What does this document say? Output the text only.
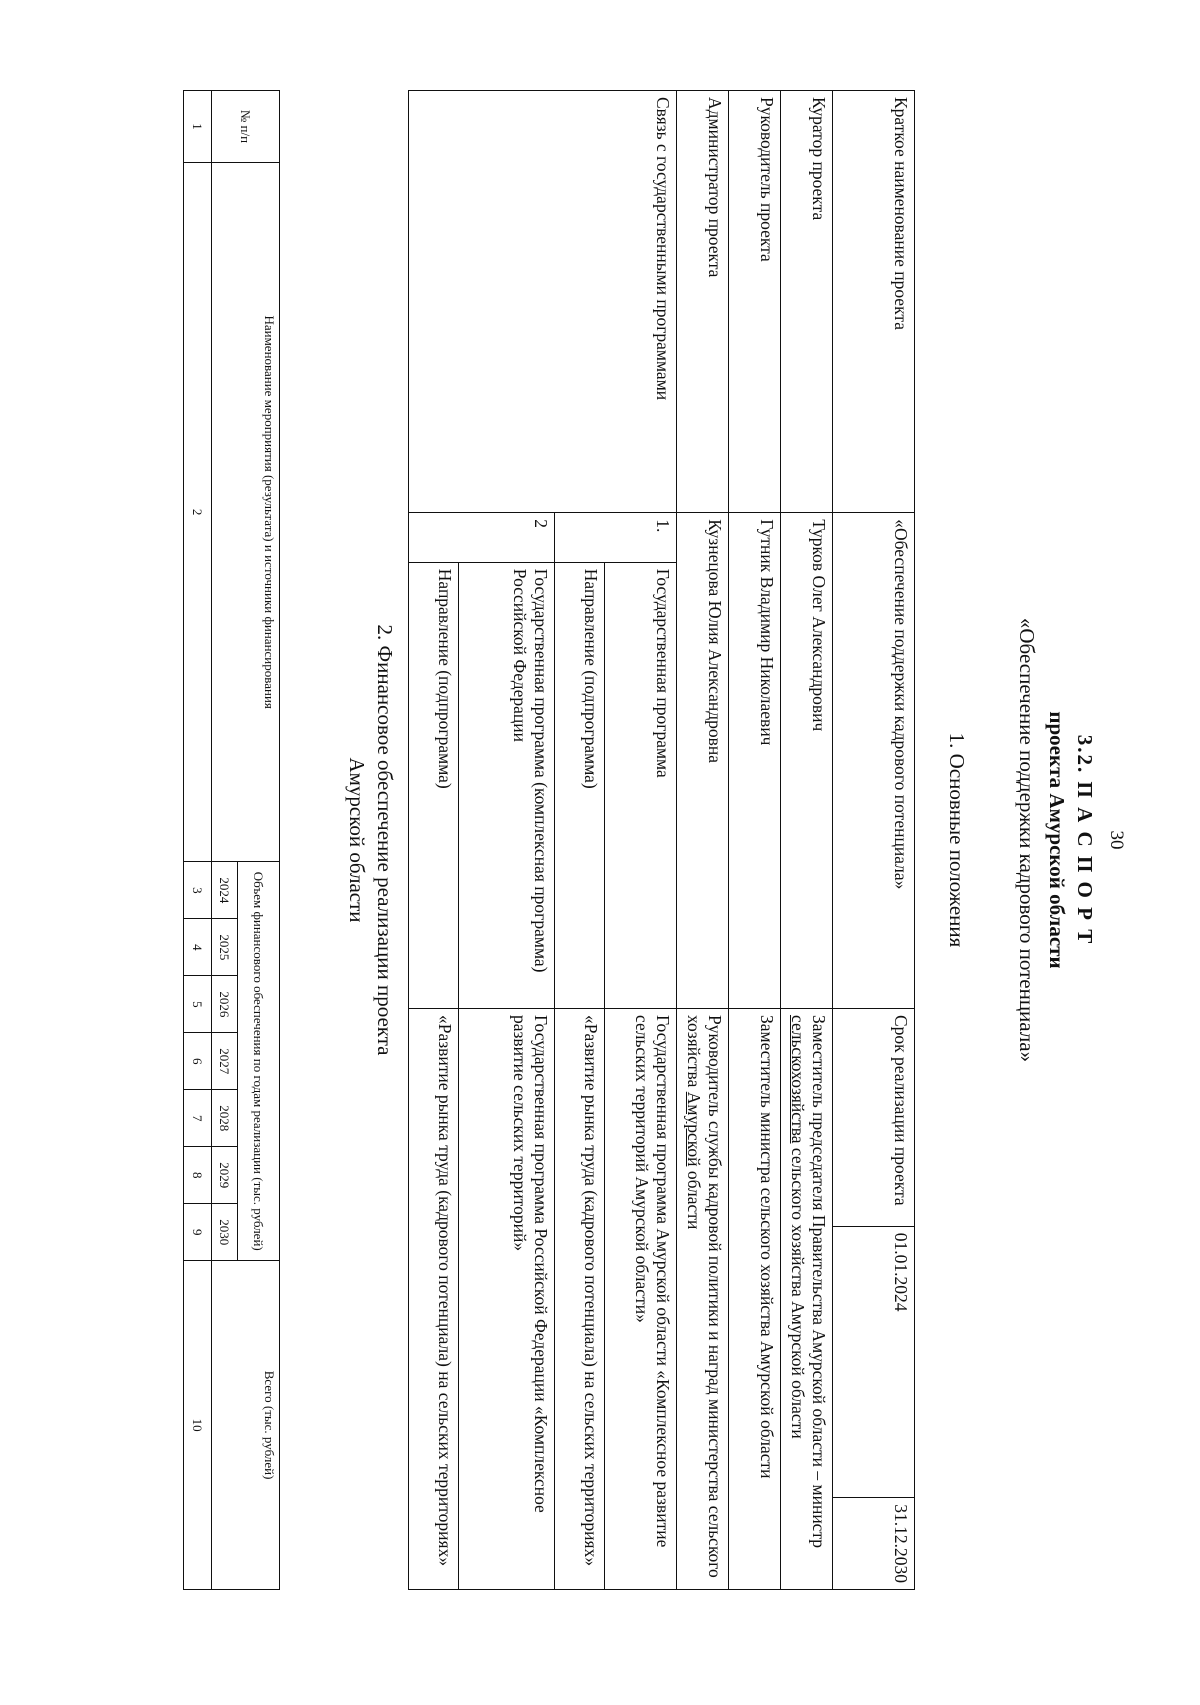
30
3.2. П А С П О Р Т
проекта Амурской области
«Обеспечение поддержки кадрового потенциала»
1. Основные положения
Краткое наименование проекта	«Обеспечение поддержки кадрового потенциала»		Срок реализации проекта	01.01.2024	31.12.2030
Куратор проекта	Турков Олег Александрович		Заместитель председателя Правительства Амурской области – министр сельскохозяйства сельского хозяйства Амурской области		
Руководитель проекта	Гутник Владимир Николаевич		Заместитель министра сельского хозяйства Амурской области		
Администратор проекта	Кузнецова Юлия Александровна		Руководитель службы кадровой политики и наград министерства сельского хозяйства Амурской области		
Связь с государственными программами	1.	Государственная программа	Государственная программа Амурской области «Комплексное развитие сельских территорий Амурской области»		
		Направление (подпрограмма)	«Развитие рынка труда (кадрового потенциала) на сельских территориях»		
	2	Государственная программа (комплексная программа) Российской Федерации	Государственная программа Российской Федерации «Комплексное развитие сельских территорий»		
		Направление (подпрограмма)	«Развитие рынка труда (кадрового потенциала) на сельских территориях»		
2. Финансовое обеспечение реализации проекта
Амурской области
№ п/п	Наименование мероприятия (результата) и источники финансирования	Объем финансового обеспечения по годам реализации (тыс. рублей)							Всего (тыс. рублей)
		2024	2025	2026	2027	2028	2029	2030	
1	2	3	4	5	6	7	8	9	10
